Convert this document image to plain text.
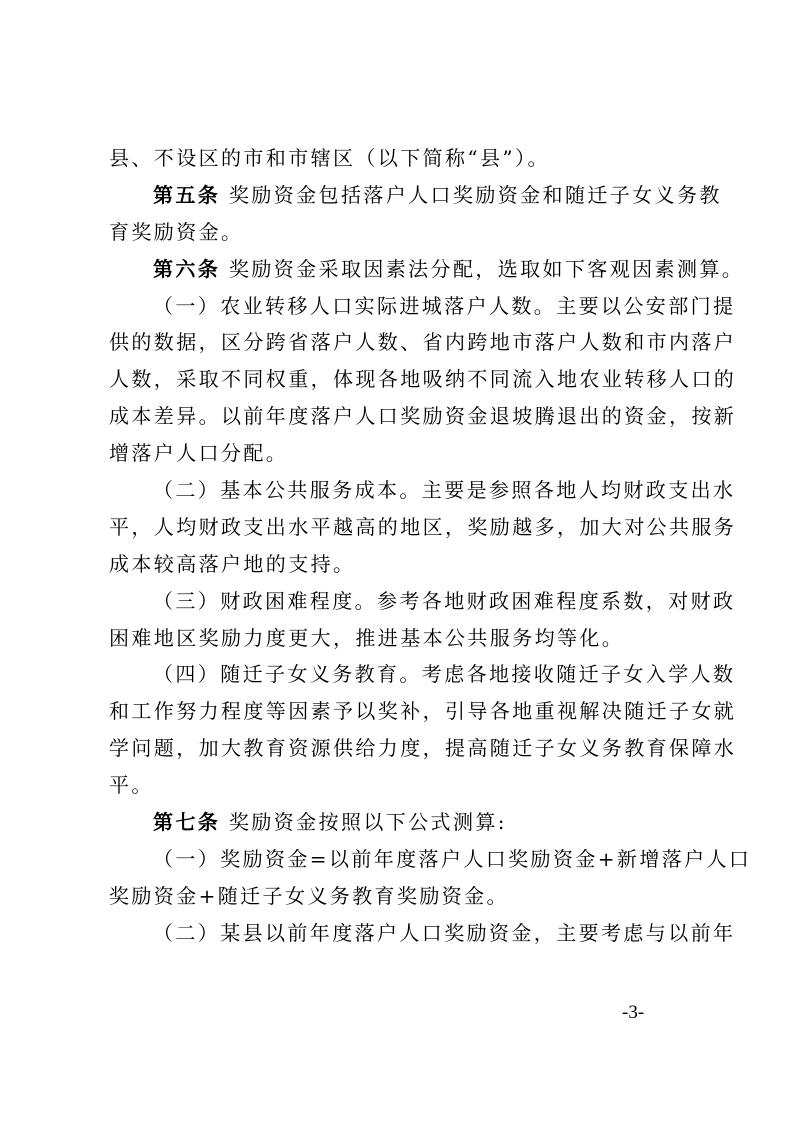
县、不设区的市和市辖区（以下简称“县”）。
第五条 奖励资金包括落户人口奖励资金和随迁子女义务教
育奖励资金。
第六条 奖励资金采取因素法分配，选取如下客观因素测算。
（一）农业转移人口实际进城落户人数。主要以公安部门提
供的数据，区分跨省落户人数、省内跨地市落户人数和市内落户
人数，采取不同权重，体现各地吸纳不同流入地农业转移人口的
成本差异。以前年度落户人口奖励资金退坡腾退出的资金，按新
增落户人口分配。
（二）基本公共服务成本。主要是参照各地人均财政支出水
平，人均财政支出水平越高的地区，奖励越多，加大对公共服务
成本较高落户地的支持。
（三）财政困难程度。参考各地财政困难程度系数，对财政
困难地区奖励力度更大，推进基本公共服务均等化。
（四）随迁子女义务教育。考虑各地接收随迁子女入学人数
和工作努力程度等因素予以奖补，引导各地重视解决随迁子女就
学问题，加大教育资源供给力度，提高随迁子女义务教育保障水
平。
第七条 奖励资金按照以下公式测算:
（一）奖励资金=以前年度落户人口奖励资金+新增落户人口
奖励资金+随迁子女义务教育奖励资金。
（二）某县以前年度落户人口奖励资金，主要考虑与以前年
-3-
